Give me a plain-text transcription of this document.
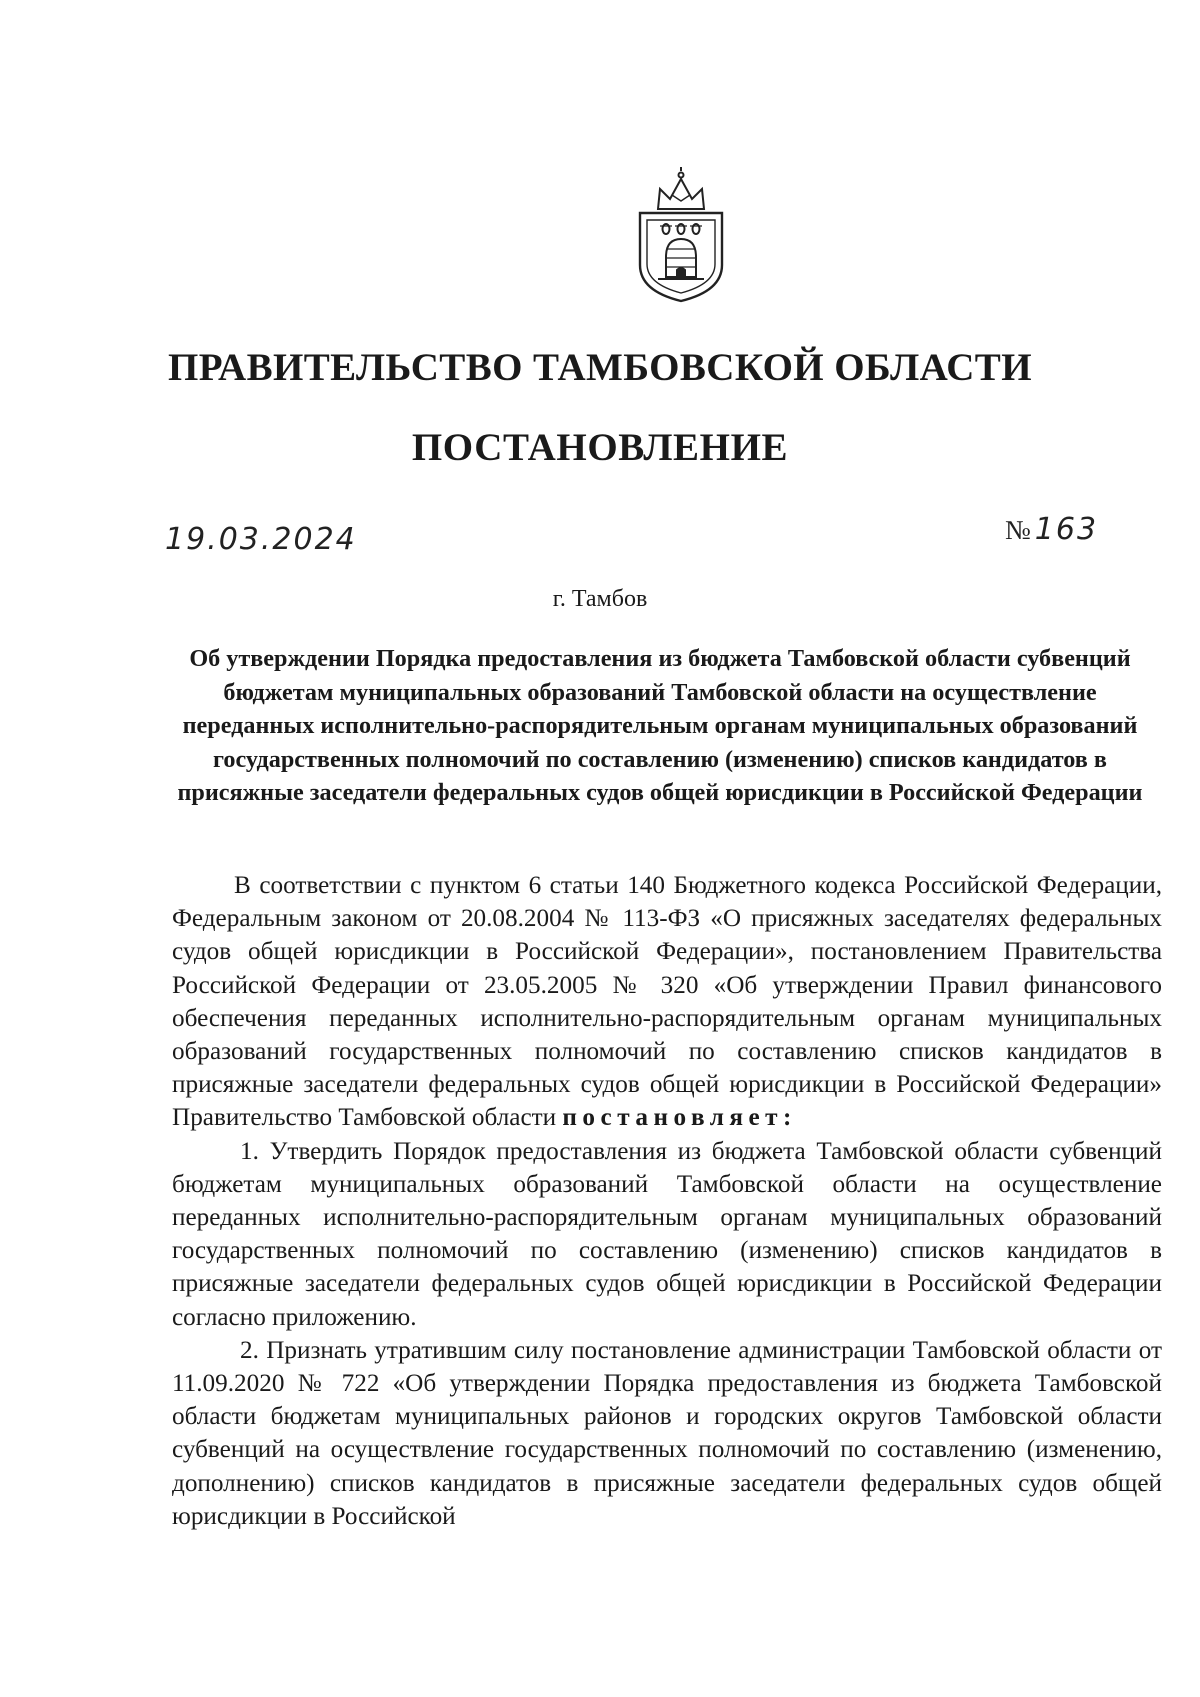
ПРАВИТЕЛЬСТВО ТАМБОВСКОЙ ОБЛАСТИ
ПОСТАНОВЛЕНИЕ
19.03.2024	№ 163
г. Тамбов
Об утверждении Порядка предоставления из бюджета Тамбовской области субвенций бюджетам муниципальных образований Тамбовской области на осуществление переданных исполнительно-распорядительным органам муниципальных образований государственных полномочий по составлению (изменению) списков кандидатов в присяжные заседатели федеральных судов общей юрисдикции в Российской Федерации

В соответствии с пунктом 6 статьи 140 Бюджетного кодекса Российской Федерации, Федеральным законом от 20.08.2004 № 113-ФЗ «О присяжных заседателях федеральных судов общей юрисдикции в Российской Федерации», постановлением Правительства Российской Федерации от 23.05.2005 № 320 «Об утверждении Правил финансового обеспечения переданных исполнительно-распорядительным органам муниципальных образований государственных полномочий по составлению списков кандидатов в присяжные заседатели федеральных судов общей юрисдикции в Российской Федерации» Правительство Тамбовской области постановляет:

1. Утвердить Порядок предоставления из бюджета Тамбовской области субвенций бюджетам муниципальных образований Тамбовской области на осуществление переданных исполнительно-распорядительным органам муниципальных образований государственных полномочий по составлению (изменению) списков кандидатов в присяжные заседатели федеральных судов общей юрисдикции в Российской Федерации согласно приложению.

2. Признать утратившим силу постановление администрации Тамбовской области от 11.09.2020 № 722 «Об утверждении Порядка предоставления из бюджета Тамбовской области бюджетам муниципальных районов и городских округов Тамбовской области субвенций на осуществление государственных полномочий по составлению (изменению, дополнению) списков кандидатов в присяжные заседатели федеральных судов общей юрисдикции в Российской
